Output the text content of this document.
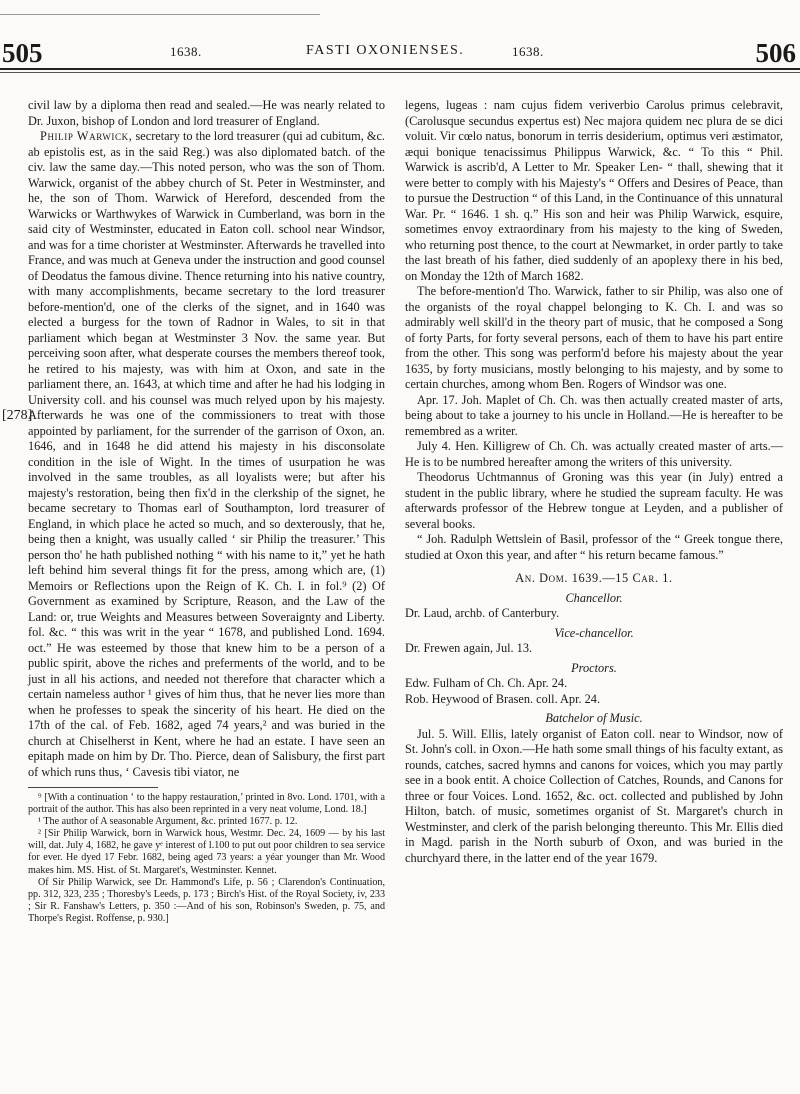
505	1638.	FASTI OXONIENSES.	1638.	506
[278]

civil law by a diploma then read and sealed.—He was nearly related to Dr. Juxon, bishop of London and lord treasurer of England.

Philip Warwick, secretary to the lord treasurer (qui ad cubitum, &c. ab epistolis est, as in the said Reg.) was also diplomated batch. of the civ. law the same day.—This noted person, who was the son of Thom. Warwick, organist of the abbey church of St. Peter in Westminster, and he, the son of Thom. Warwick of Hereford, descended from the Warwicks or Warthwykes of Warwick in Cumberland, was born in the said city of Westminster, educated in Eaton coll. school near Windsor, and was for a time chorister at Westminster. Afterwards he travelled into France, and was much at Geneva under the instruction and good counsel of Deodatus the famous divine. Thence returning into his native country, with many accomplishments, became secretary to the lord treasurer before-mention'd, one of the clerks of the signet, and in 1640 was elected a burgess for the town of Radnor in Wales, to sit in that parliament which began at Westminster 3 Nov. the same year. But perceiving soon after, what desperate courses the members thereof took, he retired to his majesty, was with him at Oxon, and sate in the parliament there, an. 1643, at which time and after he had his lodging in University coll. and his counsel was much relyed upon by his majesty. Afterwards he was one of the commissioners to treat with those appointed by parliament, for the surrender of the garrison of Oxon, an. 1646, and in 1648 he did attend his majesty in his disconsolate condition in the isle of Wight. In the times of usurpation he was involved in the same troubles, as all loyalists were; but after his majesty's restoration, being then fix'd in the clerkship of the signet, he became secretary to Thomas earl of Southampton, lord treasurer of England, in which place he acted so much, and so dexterously, that he, being then a knight, was usually called ‘ sir Philip the treasurer.’ This person tho' he hath published nothing “ with his name to it,” yet he hath left behind him several things fit for the press, among which are, (1) Memoirs or Reflections upon the Reign of K. Ch. I. in fol.⁹ (2) Of Government as examined by Scripture, Reason, and the Law of the Land: or, true Weights and Measures between Soveraignty and Liberty. fol. &c. “ this was writ in the year “ 1678, and published Lond. 1694. oct.” He was esteemed by those that knew him to be a person of a public spirit, above the riches and preferments of the world, and to be just in all his actions, and needed not therefore that character which a certain nameless author ¹ gives of him thus, that he never lies more than when he professes to speak the sincerity of his heart. He died on the 17th of the cal. of Feb. 1682, aged 74 years,² and was buried in the church at Chiselherst in Kent, where he had an estate. I have seen an epitaph made on him by Dr. Tho. Pierce, dean of Salisbury, the first part of which runs thus, ‘ Cavesis tibi viator, ne

⁹ [With a continuation ‘ to the happy restauration,’ printed in 8vo. Lond. 1701, with a portrait of the author. This has also been reprinted in a very neat volume, Lond. 18.]

¹ The author of A seasonable Argument, &c. printed 1677. p. 12.

² [Sir Philip Warwick, born in Warwick hous, Westmr. Dec. 24, 1609 — by his last will, dat. July 4, 1682, he gave yᵉ interest of l.100 to put out poor children to sea service for ever. He dyed 17 Febr. 1682, being aged 73 years: a yéar younger than Mr. Wood makes him. MS. Hist. of St. Margaret's, Westminster. Kennet.

Of Sir Philip Warwick, see Dr. Hammond's Life, p. 56 ; Clarendon's Continuation, pp. 312, 323, 235 ; Thoresby's Leeds, p. 173 ; Birch's Hist. of the Royal Society, iv, 233 ; Sir R. Fanshaw's Letters, p. 350 :—And of his son, Robinson's Sweden, p. 75, and Thorpe's Regist. Roffense, p. 930.]

legens, lugeas : nam cujus fidem veriverbio Carolus primus celebravit, (Carolusque secundus expertus est) Nec majora quidem nec plura de se dici voluit. Vir cœlo natus, bonorum in terris desiderium, optimus veri æstimator, æqui bonique tenacissimus Philippus Warwick, &c. “ To this “ Phil. Warwick is ascrib'd, A Letter to Mr. Speaker Len- “ thall, shewing that it were better to comply with his Majesty's “ Offers and Desires of Peace, than to pursue the Destruction “ of this Land, in the Continuance of this unnatural War. Pr. “ 1646. 1 sh. q.” His son and heir was Philip Warwick, esquire, sometimes envoy extraordinary from his majesty to the king of Sweden, who returning post thence, to the court at Newmarket, in order partly to take the last breath of his father, died suddenly of an apoplexy there in his bed, on Monday the 12th of March 1682.

The before-mention'd Tho. Warwick, father to sir Philip, was also one of the organists of the royal chappel belonging to K. Ch. I. and was so admirably well skill'd in the theory part of music, that he composed a Song of forty Parts, for forty several persons, each of them to have his part entire from the other. This song was perform'd before his majesty about the year 1635, by forty musicians, mostly belonging to his majesty, and by some to certain churches, among whom Ben. Rogers of Windsor was one.

Apr. 17. Joh. Maplet of Ch. Ch. was then actually created master of arts, being about to take a journey to his uncle in Holland.—He is hereafter to be remembred as a writer.

July 4. Hen. Killigrew of Ch. Ch. was actually created master of arts.—He is to be numbred hereafter among the writers of this university.

Theodorus Uchtmannus of Groning was this year (in July) entred a student in the public library, where he studied the supream faculty. He was afterwards professor of the Hebrew tongue at Leyden, and a publisher of several books.

“ Joh. Radulph Wettslein of Basil, professor of the “ Greek tongue there, studied at Oxon this year, and after “ his return became famous.”

An. Dom. 1639.—15 Car. 1.

Chancellor.

Dr. Laud, archb. of Canterbury.

Vice-chancellor.

Dr. Frewen again, Jul. 13.

Proctors.

Edw. Fulham of Ch. Ch. Apr. 24.

Rob. Heywood of Brasen. coll. Apr. 24.

Batchelor of Music.

Jul. 5. Will. Ellis, lately organist of Eaton coll. near to Windsor, now of St. John's coll. in Oxon.—He hath some small things of his faculty extant, as rounds, catches, sacred hymns and canons for voices, which you may partly see in a book entit. A choice Collection of Catches, Rounds, and Canons for three or four Voices. Lond. 1652, &c. oct. collected and published by John Hilton, batch. of music, sometimes organist of St. Margaret's church in Westminster, and clerk of the parish belonging thereunto. This Mr. Ellis died in Magd. parish in the North suburb of Oxon, and was buried in the churchyard there, in the latter end of the year 1679.
